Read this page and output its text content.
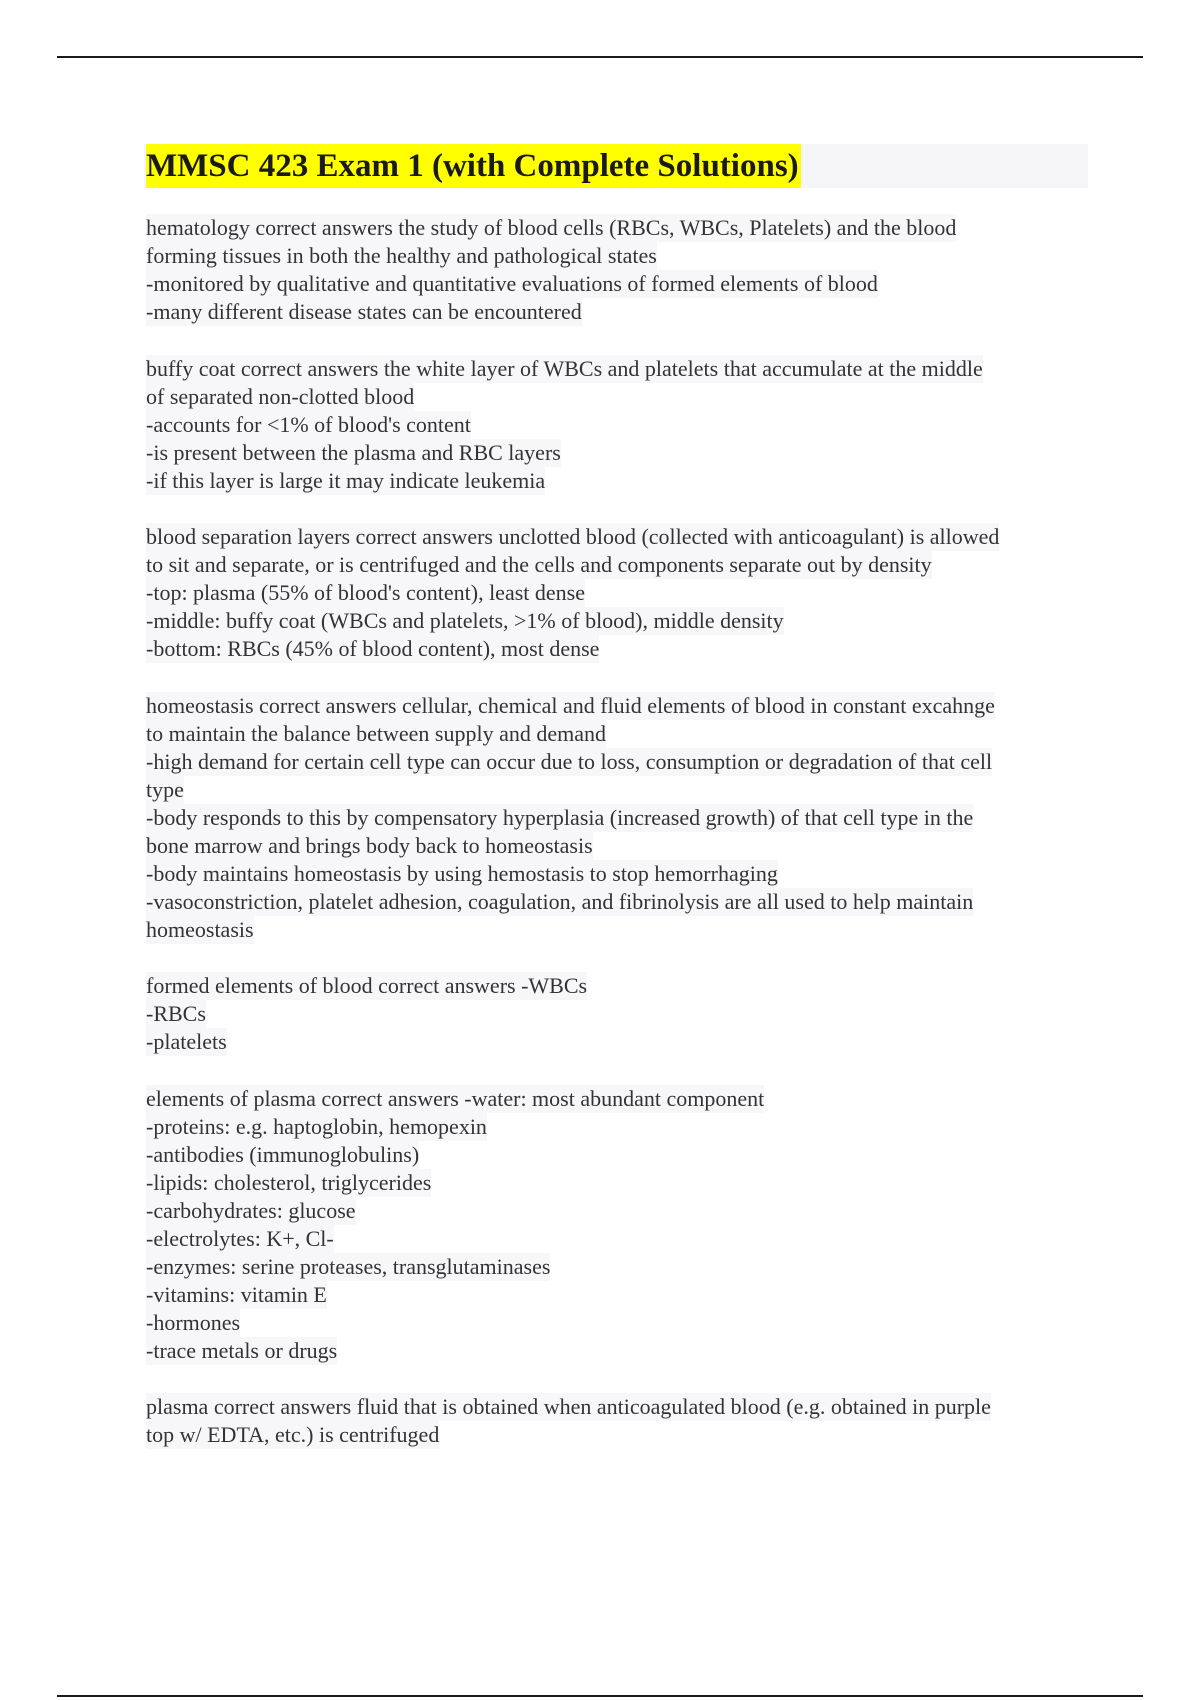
MMSC 423 Exam 1 (with Complete Solutions)
hematology correct answers the study of blood cells (RBCs, WBCs, Platelets) and the blood
forming tissues in both the healthy and pathological states
-monitored by qualitative and quantitative evaluations of formed elements of blood
-many different disease states can be encountered
buffy coat correct answers the white layer of WBCs and platelets that accumulate at the middle
of separated non-clotted blood
-accounts for <1% of blood's content
-is present between the plasma and RBC layers
-if this layer is large it may indicate leukemia
blood separation layers correct answers unclotted blood (collected with anticoagulant) is allowed
to sit and separate, or is centrifuged and the cells and components separate out by density
-top: plasma (55% of blood's content), least dense
-middle: buffy coat (WBCs and platelets, >1% of blood), middle density
-bottom: RBCs (45% of blood content), most dense
homeostasis correct answers cellular, chemical and fluid elements of blood in constant excahnge
to maintain the balance between supply and demand
-high demand for certain cell type can occur due to loss, consumption or degradation of that cell
type
-body responds to this by compensatory hyperplasia (increased growth) of that cell type in the
bone marrow and brings body back to homeostasis
-body maintains homeostasis by using hemostasis to stop hemorrhaging
-vasoconstriction, platelet adhesion, coagulation, and fibrinolysis are all used to help maintain
homeostasis
formed elements of blood correct answers -WBCs
-RBCs
-platelets
elements of plasma correct answers -water: most abundant component
-proteins: e.g. haptoglobin, hemopexin
-antibodies (immunoglobulins)
-lipids: cholesterol, triglycerides
-carbohydrates: glucose
-electrolytes: K+, Cl-
-enzymes: serine proteases, transglutaminases
-vitamins: vitamin E
-hormones
-trace metals or drugs
plasma correct answers fluid that is obtained when anticoagulated blood (e.g. obtained in purple
top w/ EDTA, etc.) is centrifuged
